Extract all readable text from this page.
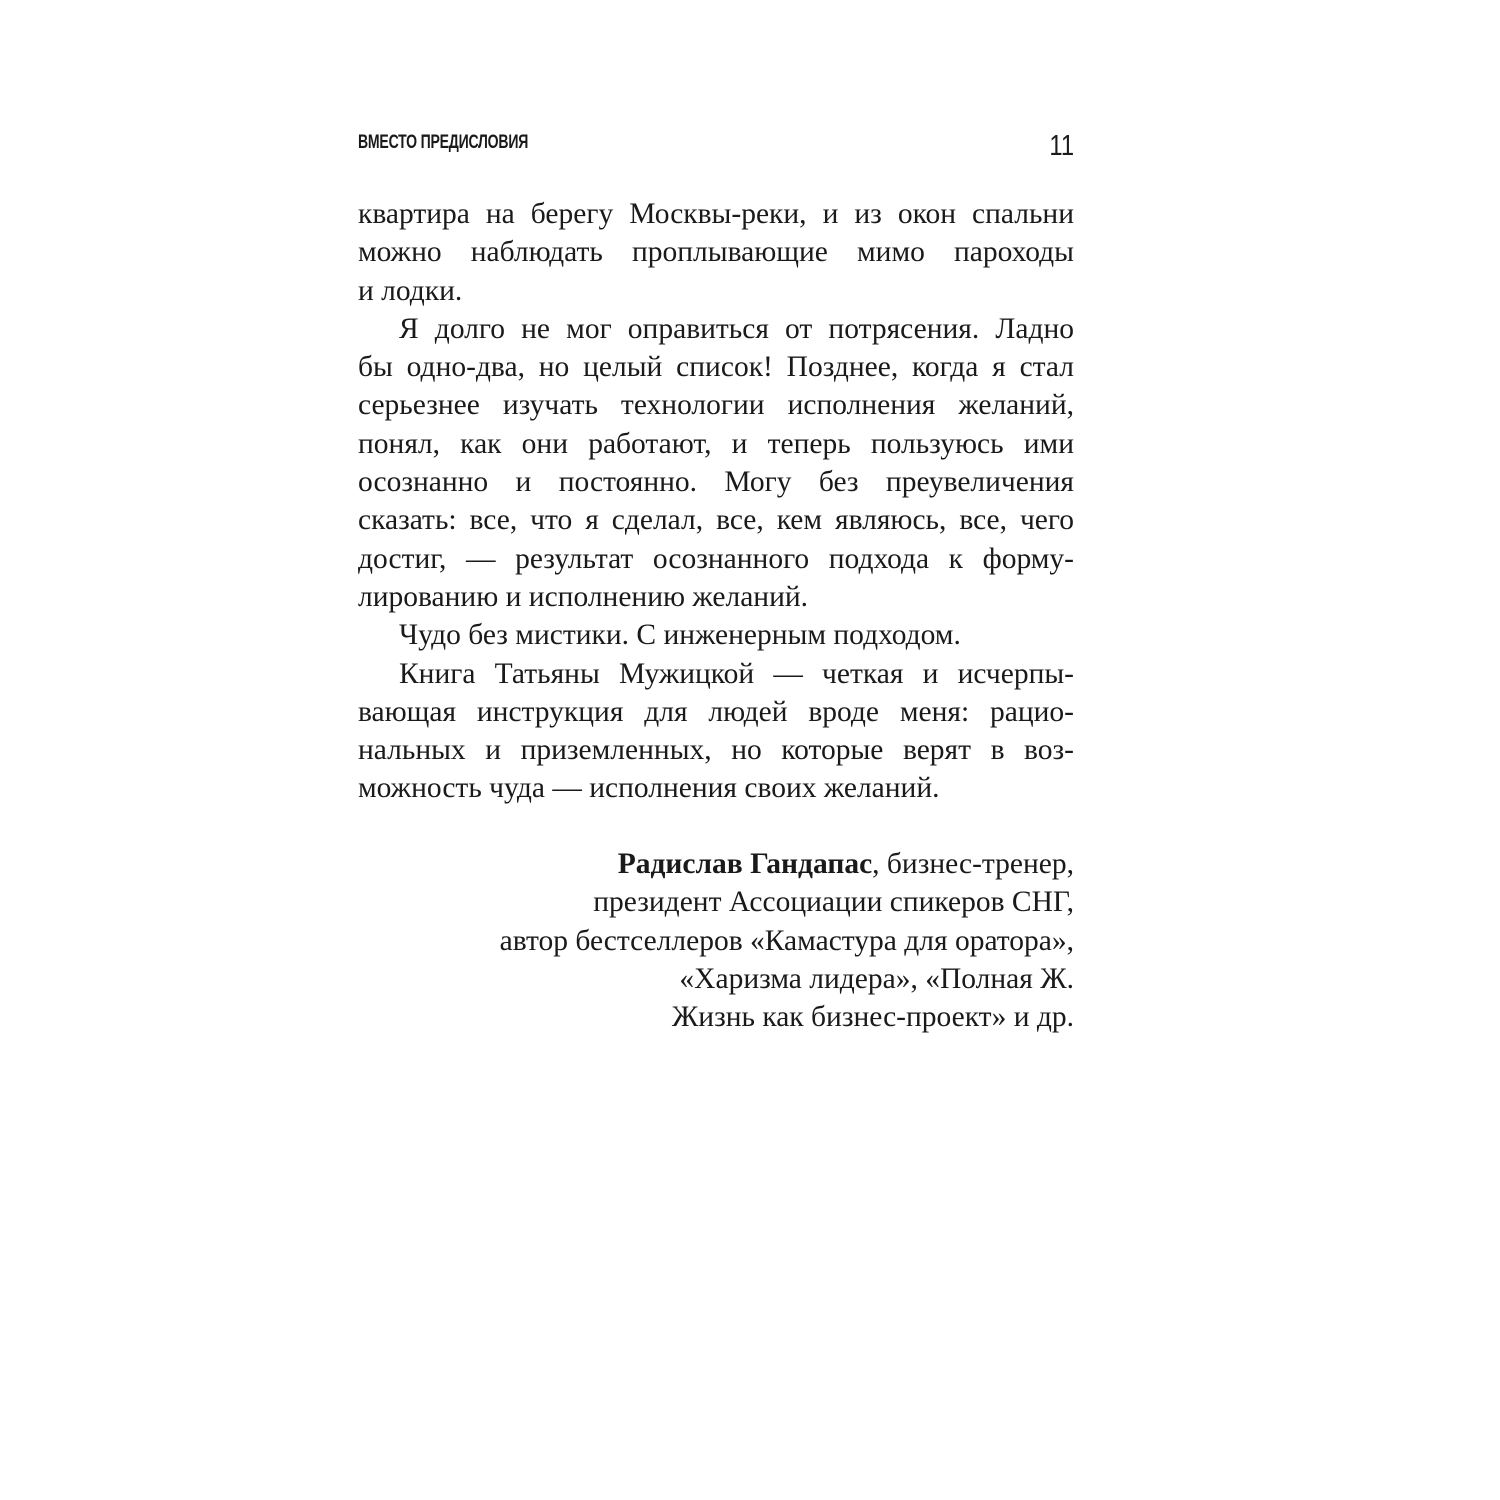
ВМЕСТО ПРЕДИСЛОВИЯ	11
квартира на берегу Москвы-реки, и из окон спальни
можно наблюдать проплывающие мимо пароходы
и лодки.
Я долго не мог оправиться от потрясения. Ладно
бы одно-два, но целый список! Позднее, когда я стал
серьезнее изучать технологии исполнения желаний,
понял, как они работают, и теперь пользуюсь ими
осознанно и постоянно. Могу без преувеличения
сказать: все, что я сделал, все, кем являюсь, все, чего
достиг, — результат осознанного подхода к форму-
лированию и исполнению желаний.
Чудо без мистики. С инженерным подходом.
Книга Татьяны Мужицкой — четкая и исчерпы-
вающая инструкция для людей вроде меня: рацио-
нальных и приземленных, но которые верят в воз-
можность чуда — исполнения своих желаний.
Радислав Гандапас, бизнес-тренер,
президент Ассоциации спикеров СНГ,
автор бестселлеров «Камастура для оратора»,
«Харизма лидера», «Полная Ж.
Жизнь как бизнес-проект» и др.
